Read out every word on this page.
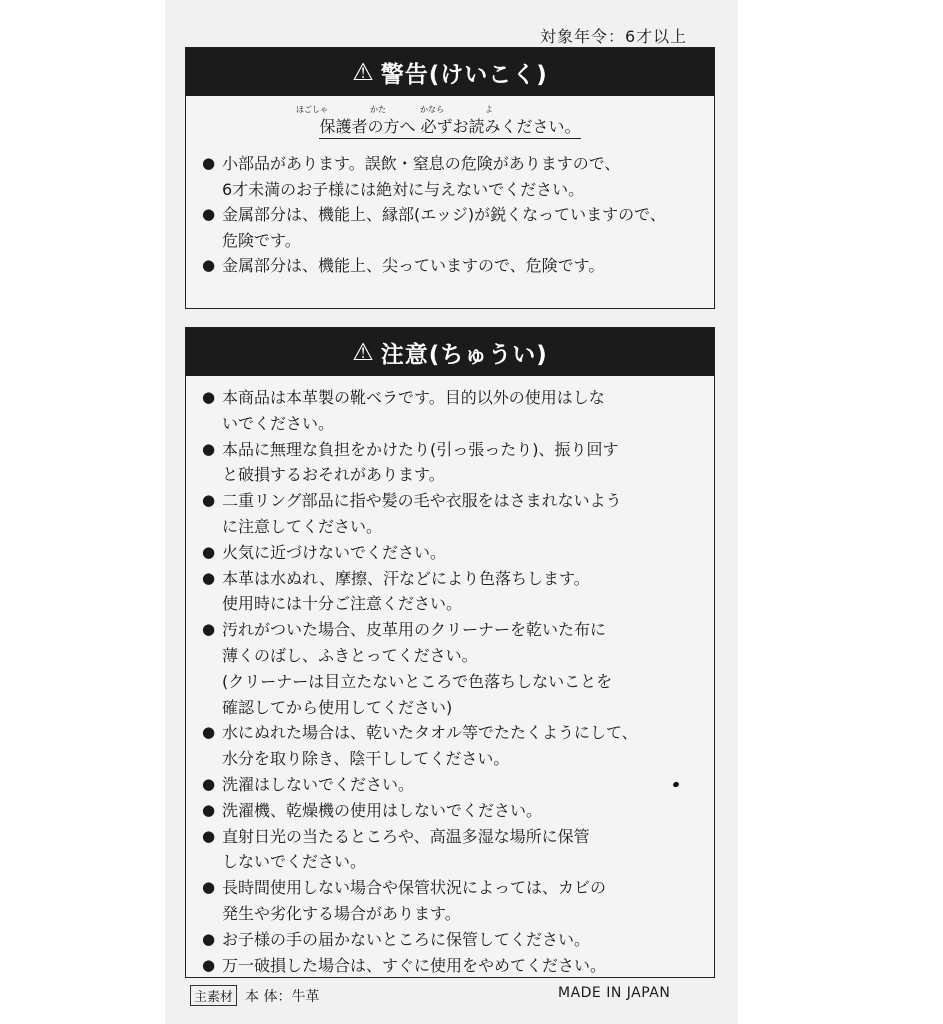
対象年令：6才以上
⚠ 警告(けいこく)
ほごしゃ	かた	かなら	よ
保護者の方へ 必ずお読みください。
● 小部品があります。誤飲・窒息の危険がありますので、
6才未満のお子様には絶対に与えないでください。
● 金属部分は、機能上、縁部(エッジ)が鋭くなっていますので、
危険です。
● 金属部分は、機能上、尖っていますので、危険です。
⚠ 注意(ちゅうい)
● 本商品は本革製の靴ベラです。目的以外の使用はしな
いでください。
● 本品に無理な負担をかけたり(引っ張ったり)、振り回す
と破損するおそれがあります。
● 二重リング部品に指や髪の毛や衣服をはさまれないよう
に注意してください。
● 火気に近づけないでください。
● 本革は水ぬれ、摩擦、汗などにより色落ちします。
使用時には十分ご注意ください。
● 汚れがついた場合、皮革用のクリーナーを乾いた布に
薄くのばし、ふきとってください。
(クリーナーは目立たないところで色落ちしないことを
確認してから使用してください)
● 水にぬれた場合は、乾いたタオル等でたたくようにして、
水分を取り除き、陰干ししてください。
● 洗濯はしないでください。
● 洗濯機、乾燥機の使用はしないでください。
● 直射日光の当たるところや、高温多湿な場所に保管
しないでください。
● 長時間使用しない場合や保管状況によっては、カビの
発生や劣化する場合があります。
● お子様の手の届かないところに保管してください。
● 万一破損した場合は、すぐに使用をやめてください。
主素材 本 体：牛革	MADE IN JAPAN
